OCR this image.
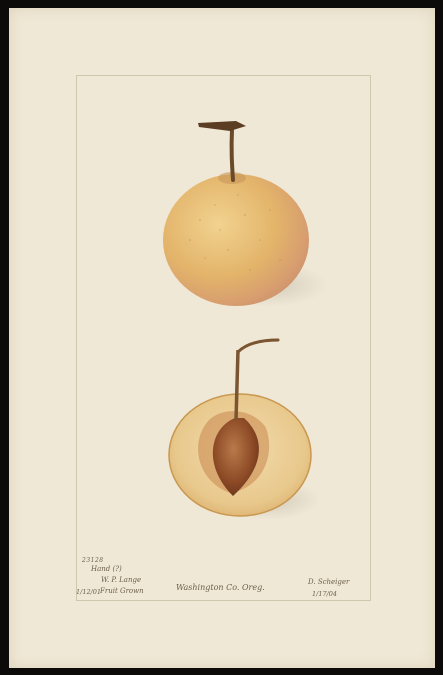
23128
Hand (?)
W. P. Lange
1/12/01
Fruit Grown	Washington Co. Oreg.
D. Scheiger
1/17/04
